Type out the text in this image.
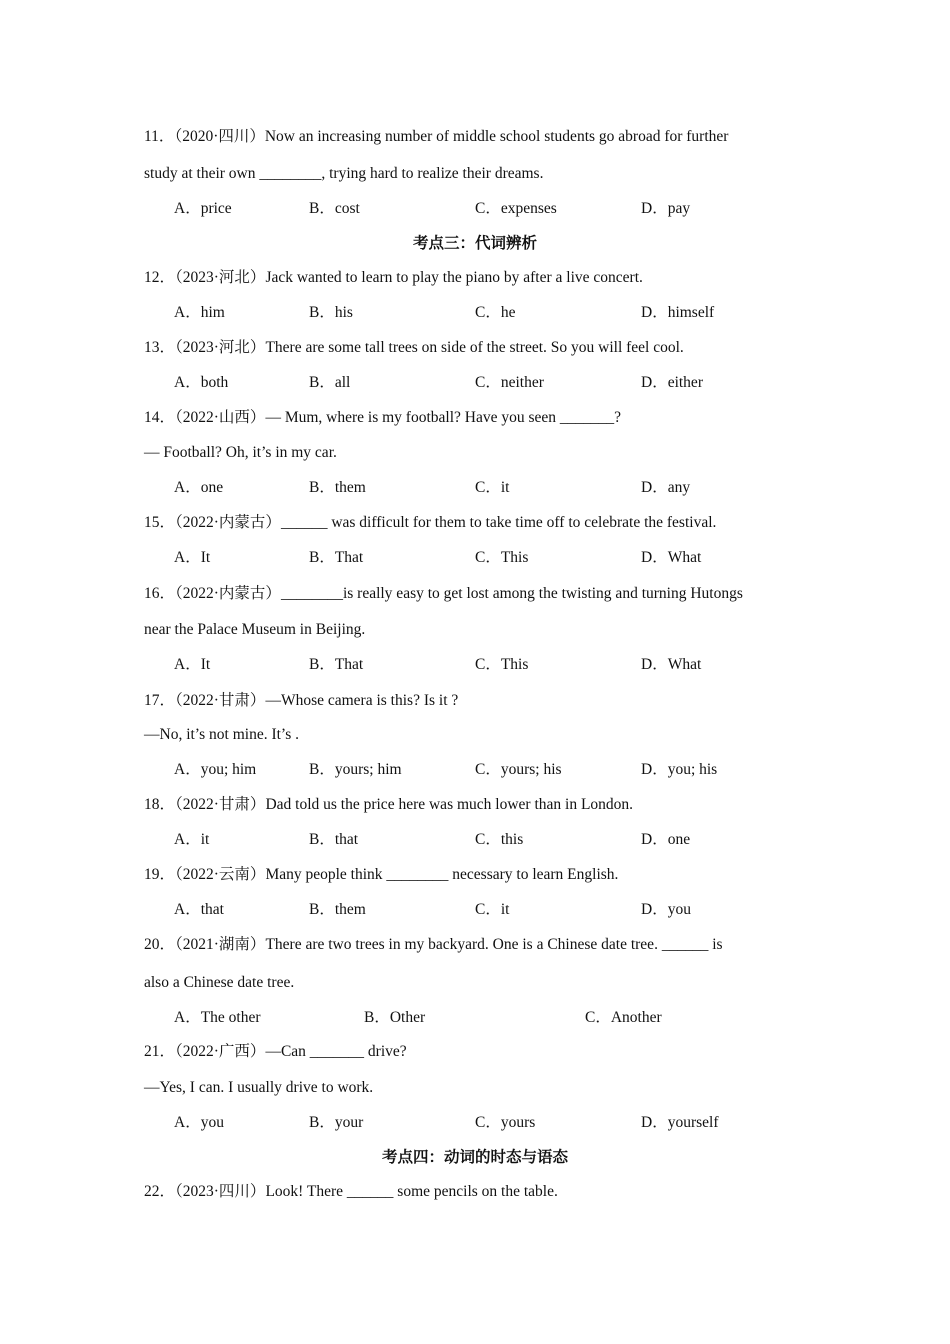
11．（2020·四川）Now an increasing number of middle school students go abroad for further
study at their own ________, trying hard to realize their dreams.
A．price	B．cost	C．expenses	D．pay
考点三：代词辨析
12．（2023·河北）Jack wanted to learn to play the piano by after a live concert.
A．him	B．his	C．he	D．himself
13．（2023·河北）There are some tall trees on side of the street. So you will feel cool.
A．both	B．all	C．neither	D．either
14．（2022·山西）— Mum, where is my football? Have you seen _______?
— Football? Oh, it’s in my car.
A．one	B．them	C．it	D．any
15．（2022·内蒙古）______ was difficult for them to take time off to celebrate the festival.
A．It	B．That	C．This	D．What
16．（2022·内蒙古）________is really easy to get lost among the twisting and turning Hutongs
near the Palace Museum in Beijing.
A．It	B．That	C．This	D．What
17．（2022·甘肃）—Whose camera is this? Is it ?
—No, it’s not mine. It’s .
A．you; him	B．yours; him	C．yours; his	D．you; his
18．（2022·甘肃）Dad told us the price here was much lower than in London.
A．it	B．that	C．this	D．one
19．（2022·云南）Many people think ________ necessary to learn English.
A．that	B．them	C．it	D．you
20．（2021·湖南）There are two trees in my backyard. One is a Chinese date tree. ______ is
also a Chinese date tree.
A．The other	B．Other	C．Another
21．（2022·广西）—Can _______ drive?
—Yes, I can. I usually drive to work.
A．you	B．your	C．yours	D．yourself
考点四：动词的时态与语态
22．（2023·四川）Look! There ______ some pencils on the table.
